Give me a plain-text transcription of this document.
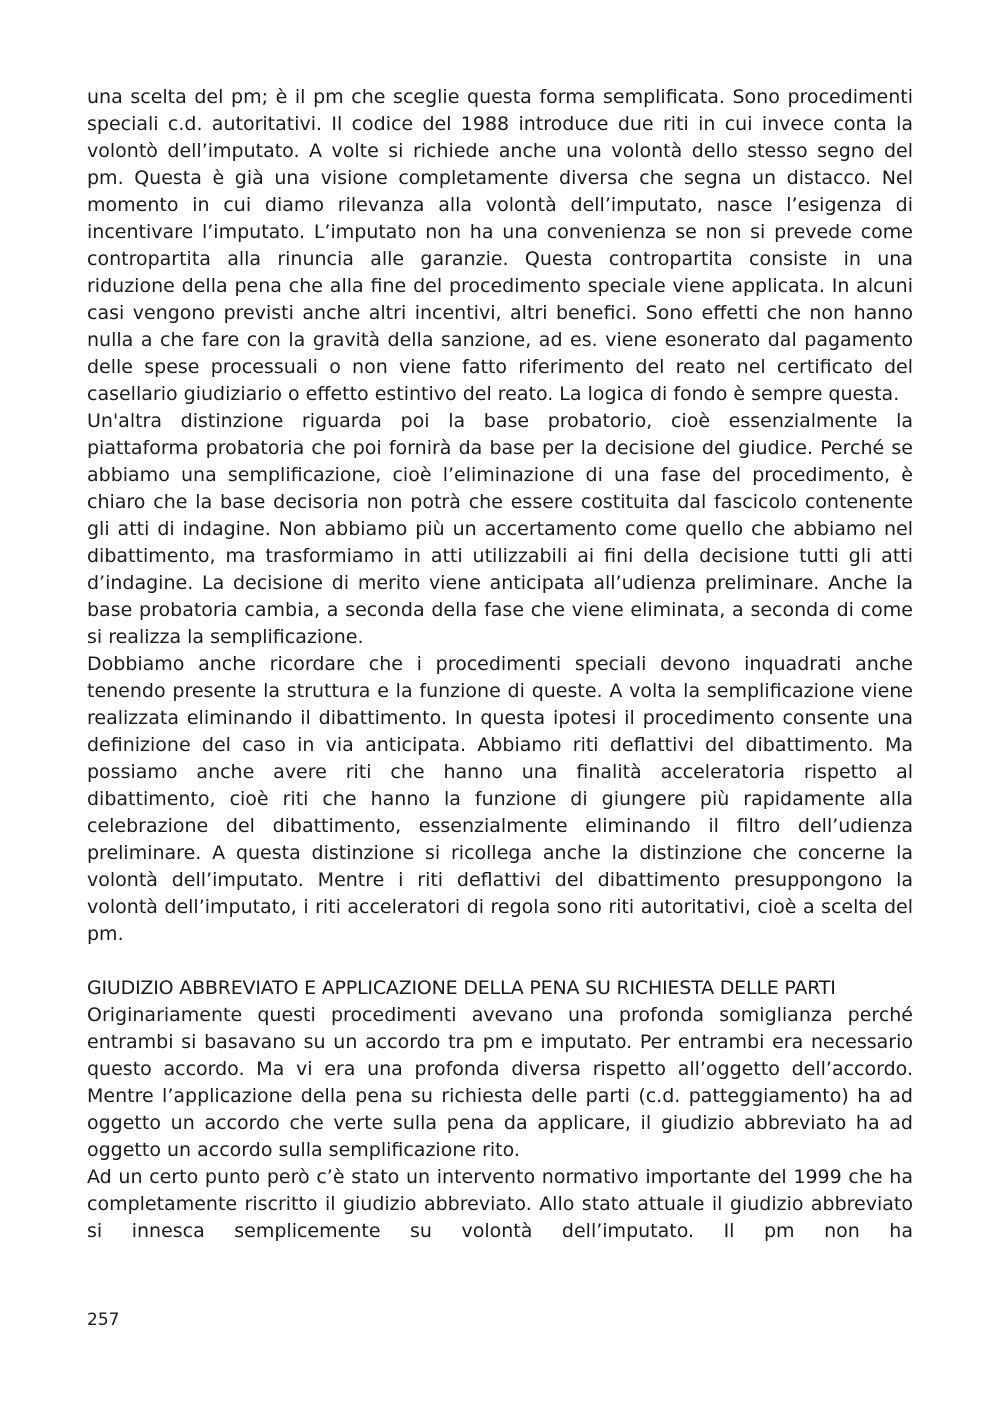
una scelta del pm; è il pm che sceglie questa forma semplificata. Sono procedimenti speciali c.d. autoritativi. Il codice del 1988 introduce due riti in cui invece conta la volontò dell’imputato. A volte si richiede anche una volontà dello stesso segno del pm. Questa è già una visione completamente diversa che segna un distacco. Nel momento in cui diamo rilevanza alla volontà dell’imputato, nasce l’esigenza di incentivare l’imputato. L’imputato non ha una convenienza se non si prevede come contropartita alla rinuncia alle garanzie. Questa contropartita consiste in una riduzione della pena che alla fine del procedimento speciale viene applicata. In alcuni casi vengono previsti anche altri incentivi, altri benefici. Sono effetti che non hanno nulla a che fare con la gravità della sanzione, ad es. viene esonerato dal pagamento delle spese processuali o non viene fatto riferimento del reato nel certificato del casellario giudiziario o effetto estintivo del reato. La logica di fondo è sempre questa.

Un'altra distinzione riguarda poi la base probatorio, cioè essenzialmente la piattaforma probatoria che poi fornirà da base per la decisione del giudice. Perché se abbiamo una semplificazione, cioè l’eliminazione di una fase del procedimento, è chiaro che la base decisoria non potrà che essere costituita dal fascicolo contenente gli atti di indagine. Non abbiamo più un accertamento come quello che abbiamo nel dibattimento, ma trasformiamo in atti utilizzabili ai fini della decisione tutti gli atti d’indagine. La decisione di merito viene anticipata all’udienza preliminare. Anche la base probatoria cambia, a seconda della fase che viene eliminata, a seconda di come si realizza la semplificazione.

Dobbiamo anche ricordare che i procedimenti speciali devono inquadrati anche tenendo presente la struttura e la funzione di queste. A volta la semplificazione viene realizzata eliminando il dibattimento. In questa ipotesi il procedimento consente una definizione del caso in via anticipata. Abbiamo riti deflattivi del dibattimento. Ma possiamo anche avere riti che hanno una finalità acceleratoria rispetto al dibattimento, cioè riti che hanno la funzione di giungere più rapidamente alla celebrazione del dibattimento, essenzialmente eliminando il filtro dell’udienza preliminare. A questa distinzione si ricollega anche la distinzione che concerne la volontà dell’imputato. Mentre i riti deflattivi del dibattimento presuppongono la volontà dell’imputato, i riti acceleratori di regola sono riti autoritativi, cioè a scelta del pm.

GIUDIZIO ABBREVIATO E APPLICAZIONE DELLA PENA SU RICHIESTA DELLE PARTI

Originariamente questi procedimenti avevano una profonda somiglianza perché entrambi si basavano su un accordo tra pm e imputato. Per entrambi era necessario questo accordo. Ma vi era una profonda diversa rispetto all’oggetto dell’accordo. Mentre l’applicazione della pena su richiesta delle parti (c.d. patteggiamento) ha ad oggetto un accordo che verte sulla pena da applicare, il giudizio abbreviato ha ad oggetto un accordo sulla semplificazione rito.

Ad un certo punto però c’è stato un intervento normativo importante del 1999 che ha completamente riscritto il giudizio abbreviato. Allo stato attuale il giudizio abbreviato si innesca semplicemente su volontà dell’imputato. Il pm non ha

257
